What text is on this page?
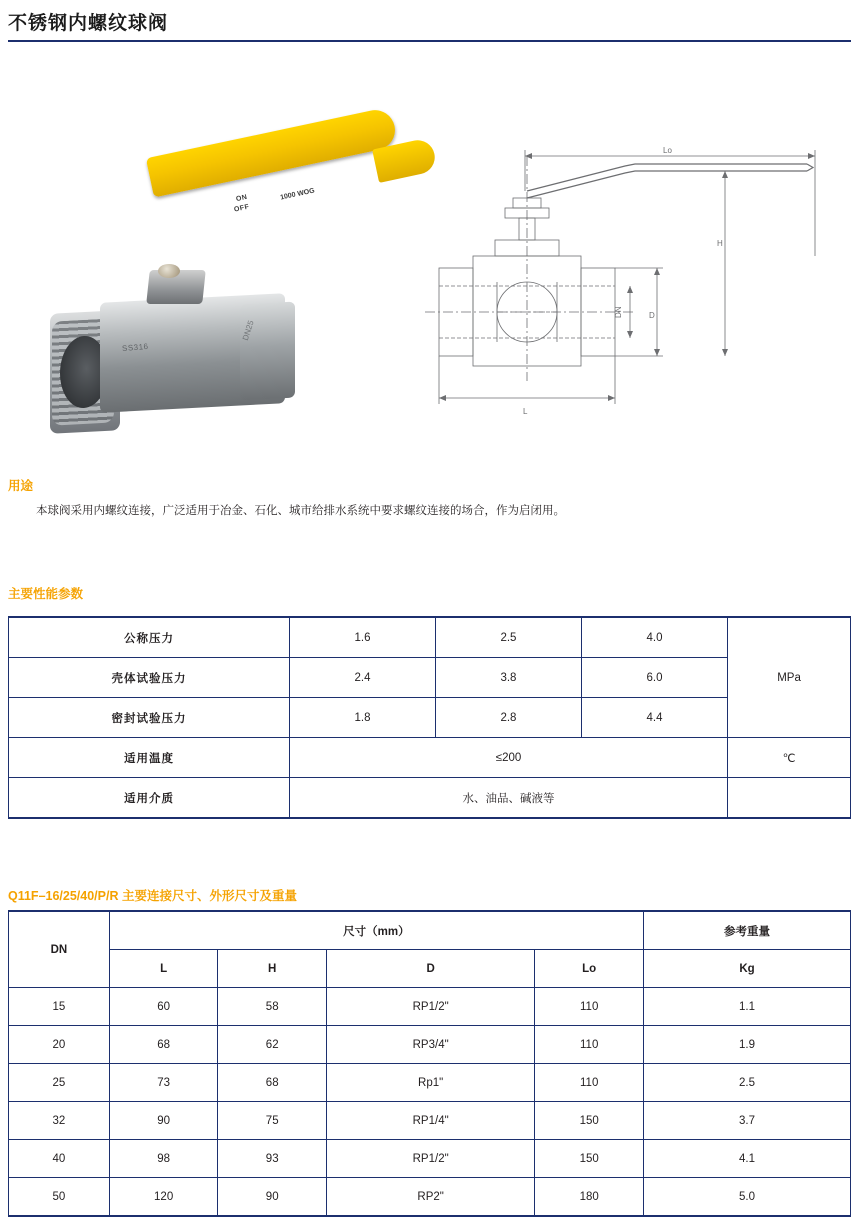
不锈钢内螺纹球阀
ON
OFF
1000 WOG
SS316
DN25
Lo
H
L
D
DN
用途
本球阀采用内螺纹连接，广泛适用于冶金、石化、城市给排水系统中要求螺纹连接的场合，作为启闭用。
主要性能参数
公称压力	1.6	2.5	4.0	MPa
壳体试验压力	2.4	3.8	6.0	
密封试验压力	1.8	2.8	4.4	
适用温度	≤200			℃
适用介质	水、油品、碱液等			
Q11F–16/25/40/P/R 主要连接尺寸、外形尺寸及重量
DN	尺寸（mm）				参考重量
	L	H	D	Lo	Kg
15	60	58	RP1/2"	110	1.1
20	68	62	RP3/4"	110	1.9
25	73	68	Rp1"	110	2.5
32	90	75	RP1/4"	150	3.7
40	98	93	RP1/2"	150	4.1
50	120	90	RP2"	180	5.0
